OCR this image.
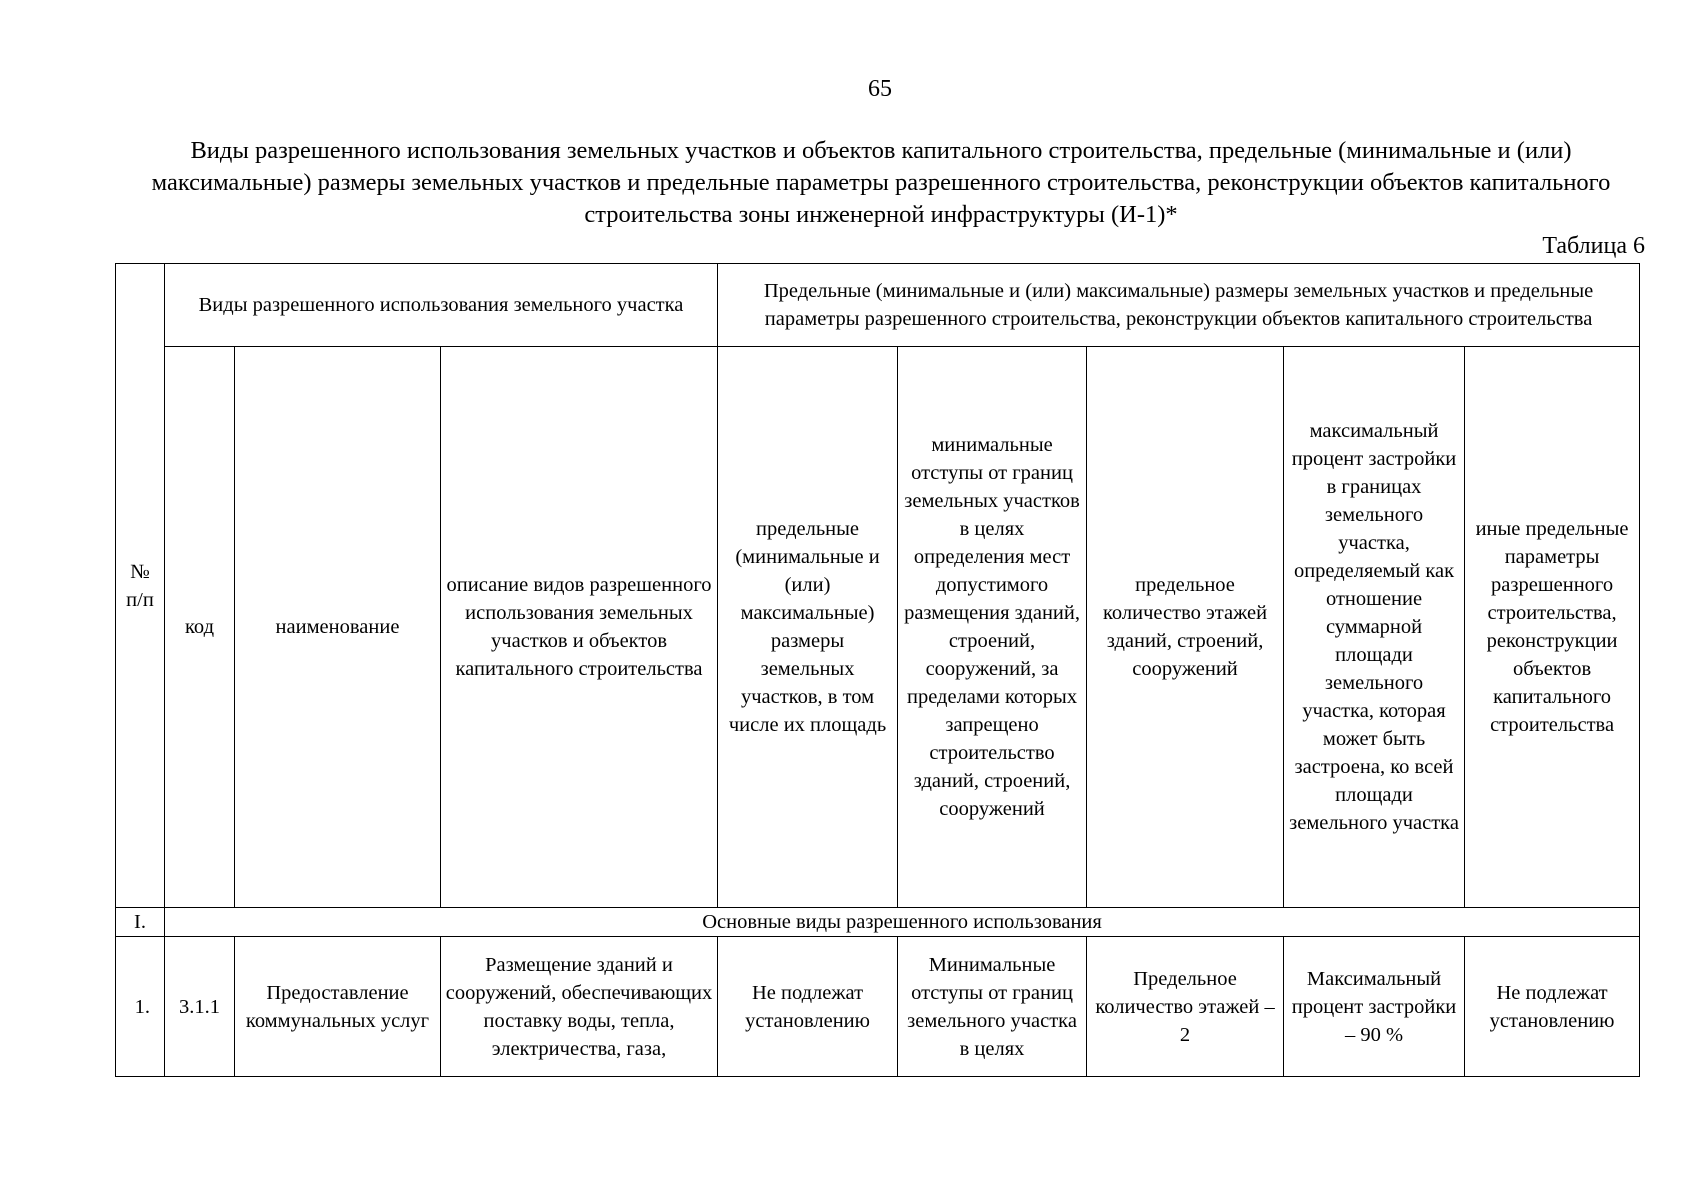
65
Виды разрешенного использования земельных участков и объектов капитального строительства, предельные (минимальные и (или) максимальные) размеры земельных участков и предельные параметры разрешенного строительства, реконструкции объектов капитального строительства зоны инженерной инфраструктуры (И-1)*
Таблица 6
№ п/п	Виды разрешенного использования земельного участка			Предельные (минимальные и (или) максимальные) размеры земельных участков и предельные параметры разрешенного строительства, реконструкции объектов капитального строительства				
	код	наименование	описание видов разрешенного использования земельных участков и объектов капитального строительства	предельные (минимальные и (или) максимальные) размеры земельных участков, в том числе их площадь	минимальные отступы от границ земельных участков в целях определения мест допустимого размещения зданий, строений, сооружений, за пределами которых запрещено строительство зданий, строений, сооружений	предельное количество этажей зданий, строений, сооружений	максимальный процент застройки в границах земельного участка, определяемый как отношение суммарной площади земельного участка, которая может быть застроена, ко всей площади земельного участка	иные предельные параметры разрешенного строительства, реконструкции объектов капитального строительства
I.	Основные виды разрешенного использования							
1.	3.1.1	Предоставление коммунальных услуг	Размещение зданий и сооружений, обеспечивающих поставку воды, тепла, электричества, газа,	Не подлежат установлению	Минимальные отступы от границ земельного участка в целях	Предельное количество этажей – 2	Максимальный процент застройки – 90 %	Не подлежат установлению
